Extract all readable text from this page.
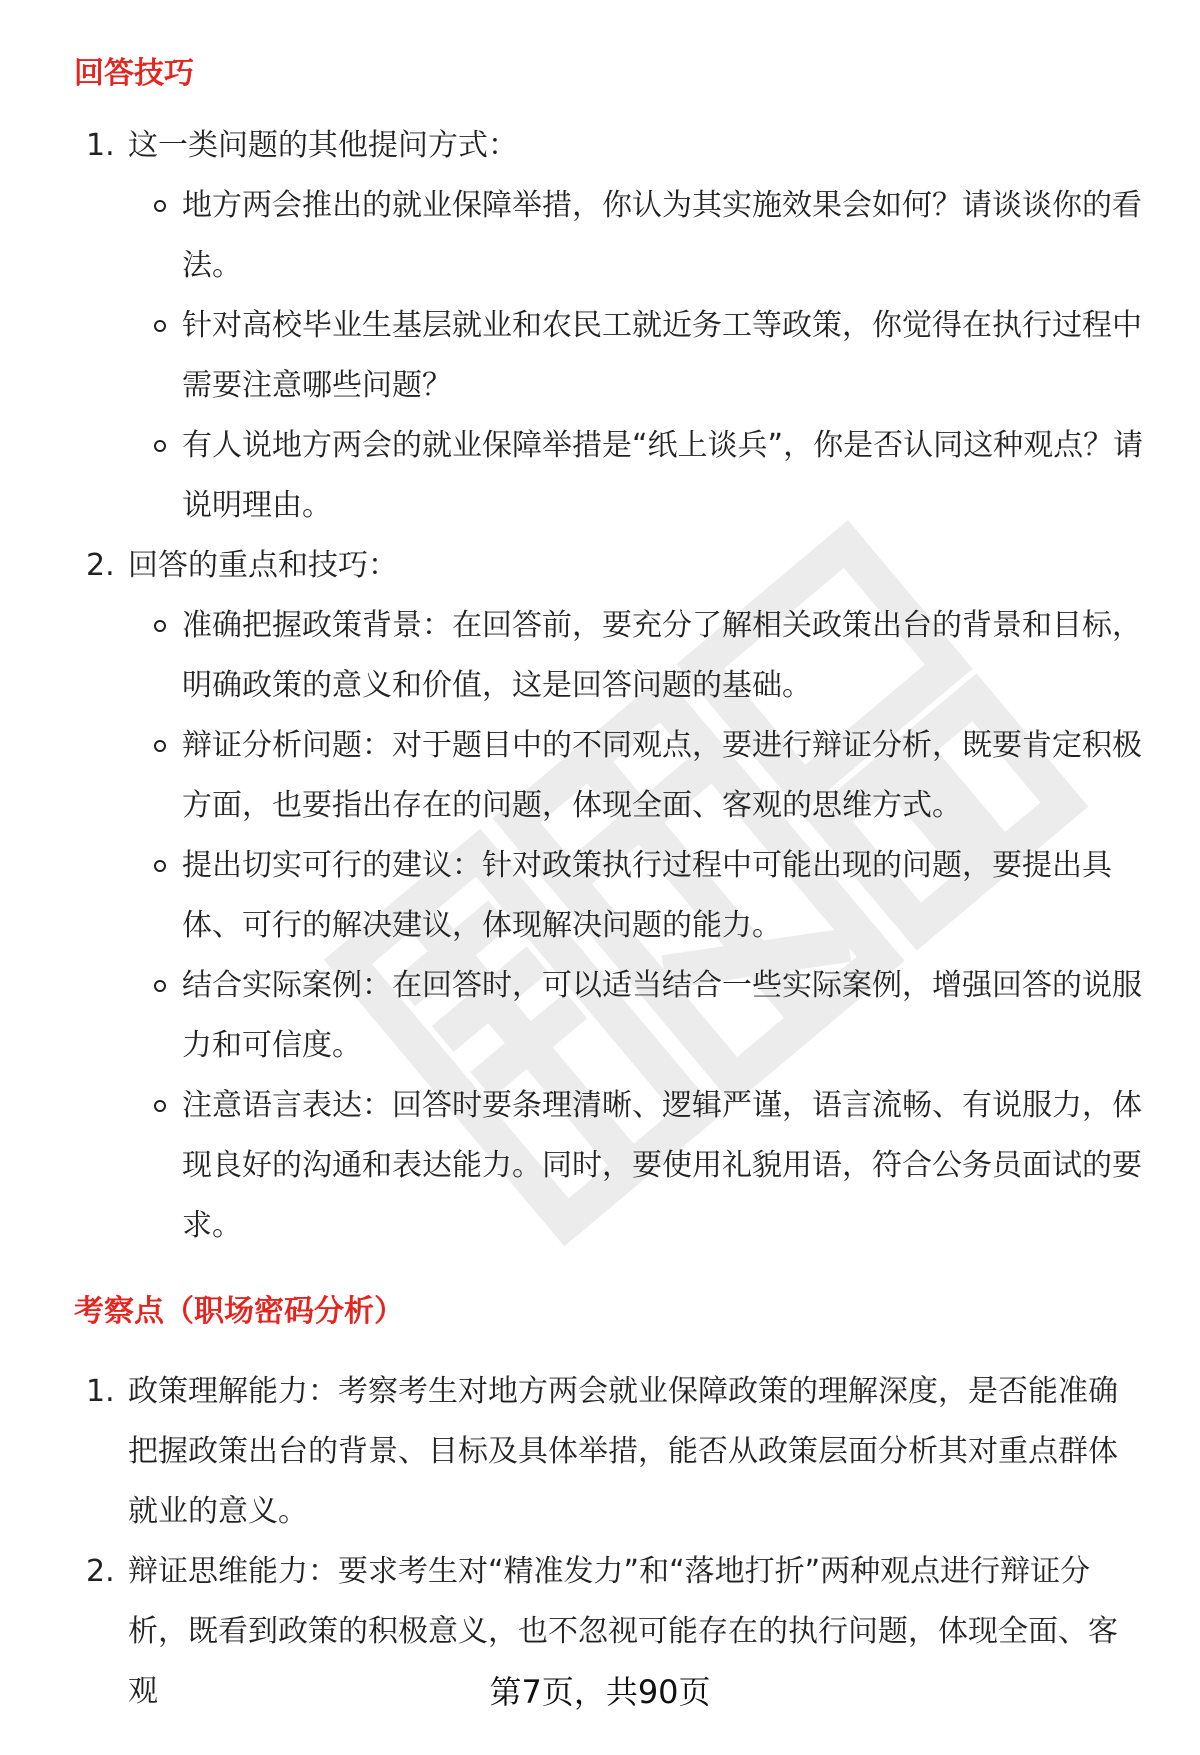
回答技巧
1. 这一类问题的其他提问方式：
地方两会推出的就业保障举措，你认为其实施效果会如何？请谈谈你的看法。
针对高校毕业生基层就业和农民工就近务工等政策，你觉得在执行过程中需要注意哪些问题？
有人说地方两会的就业保障举措是“纸上谈兵”，你是否认同这种观点？请说明理由。
2. 回答的重点和技巧：
准确把握政策背景：在回答前，要充分了解相关政策出台的背景和目标，明确政策的意义和价值，这是回答问题的基础。
辩证分析问题：对于题目中的不同观点，要进行辩证分析，既要肯定积极方面，也要指出存在的问题，体现全面、客观的思维方式。
提出切实可行的建议：针对政策执行过程中可能出现的问题，要提出具体、可行的解决建议，体现解决问题的能力。
结合实际案例：在回答时，可以适当结合一些实际案例，增强回答的说服力和可信度。
注意语言表达：回答时要条理清晰、逻辑严谨，语言流畅、有说服力，体现良好的沟通和表达能力。同时，要使用礼貌用语，符合公务员面试的要求。
考察点（职场密码分析）
1. 政策理解能力：考察考生对地方两会就业保障政策的理解深度，是否能准确把握政策出台的背景、目标及具体举措，能否从政策层面分析其对重点群体就业的意义。
2. 辩证思维能力：要求考生对“精准发力”和“落地打折”两种观点进行辩证分析，既看到政策的积极意义，也不忽视可能存在的执行问题，体现全面、客观	第7页，共90页
